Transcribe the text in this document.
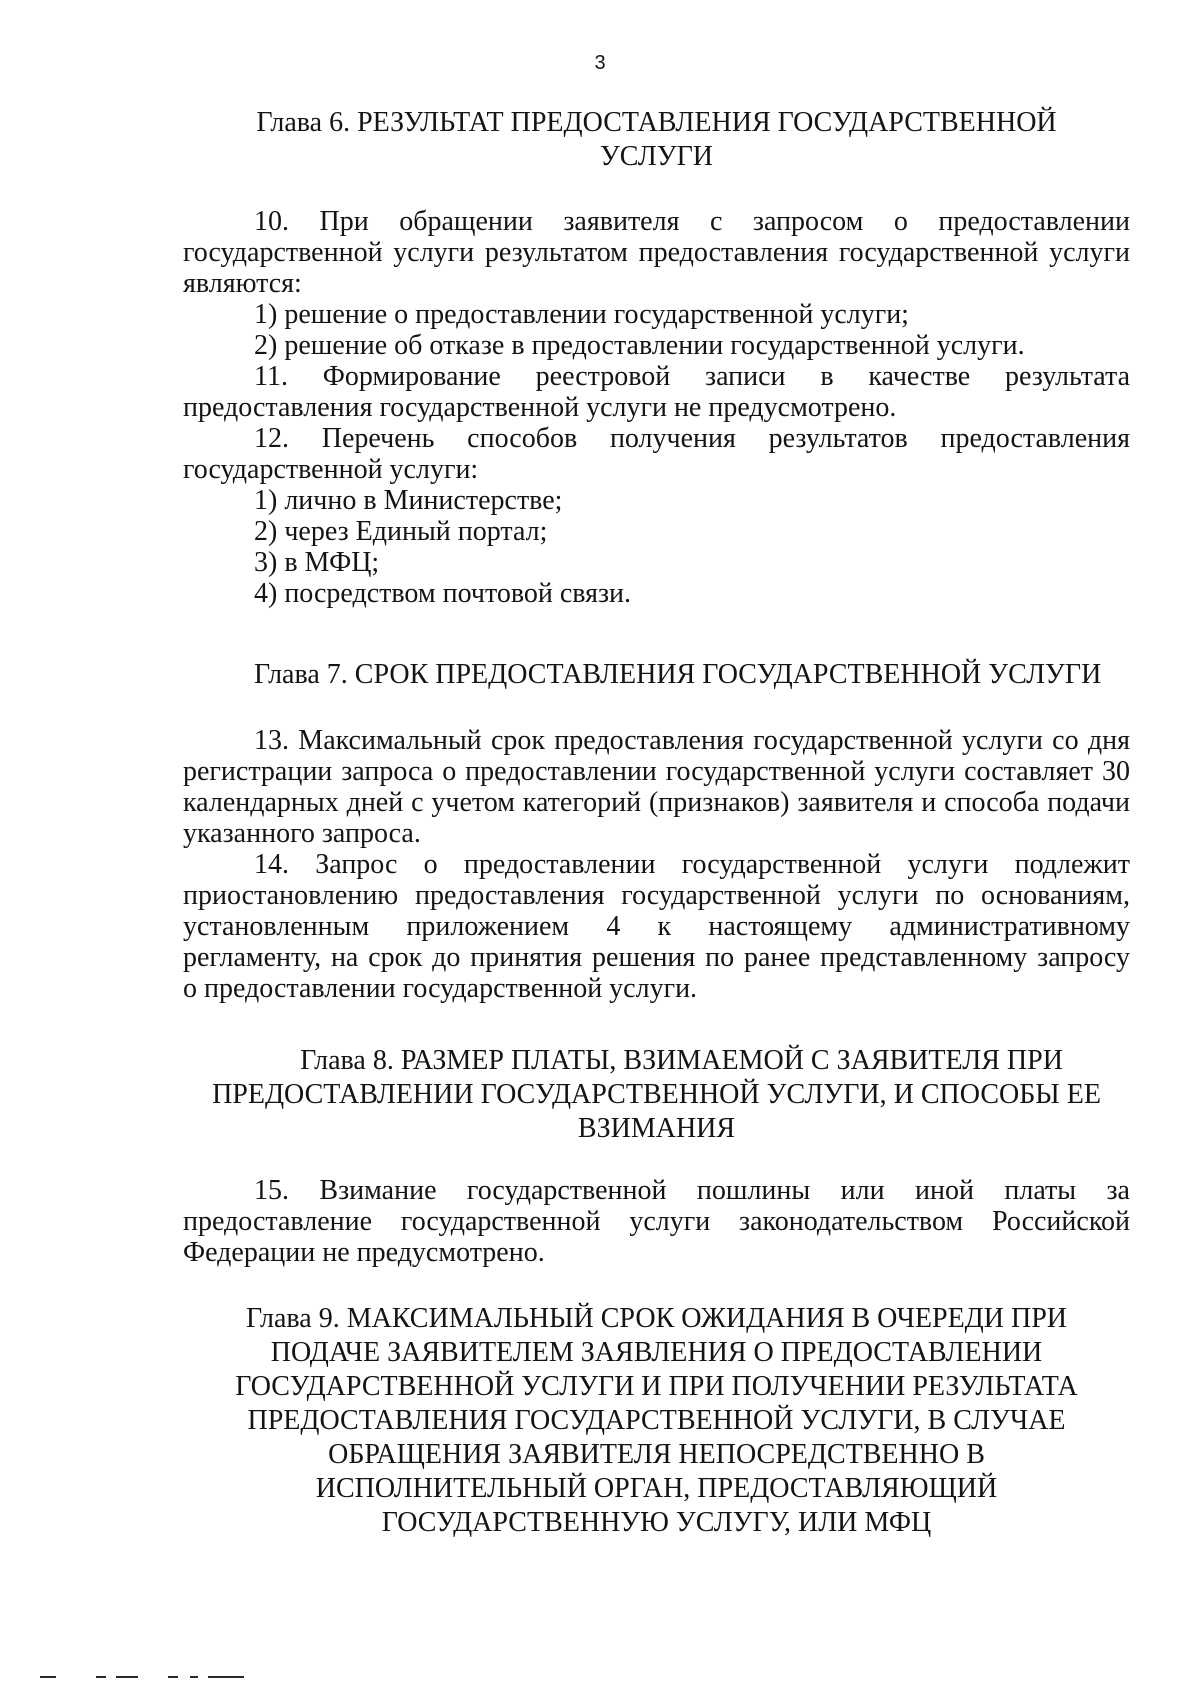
3
Глава 6. РЕЗУЛЬТАТ ПРЕДОСТАВЛЕНИЯ ГОСУДАРСТВЕННОЙ
УСЛУГИ
10. При обращении заявителя с запросом о предоставлении
государственной услуги результатом предоставления государственной услуги
являются:
1) решение о предоставлении государственной услуги;
2) решение об отказе в предоставлении государственной услуги.
11. Формирование реестровой записи в качестве результата
предоставления государственной услуги не предусмотрено.
12. Перечень способов получения результатов предоставления
государственной услуги:
1) лично в Министерстве;
2) через Единый портал;
3) в МФЦ;
4) посредством почтовой связи.
Глава 7. СРОК ПРЕДОСТАВЛЕНИЯ ГОСУДАРСТВЕННОЙ УСЛУГИ
13. Максимальный срок предоставления государственной услуги со дня
регистрации запроса о предоставлении государственной услуги составляет 30
календарных дней с учетом категорий (признаков) заявителя и способа подачи
указанного запроса.
14. Запрос о предоставлении государственной услуги подлежит
приостановлению предоставления государственной услуги по основаниям,
установленным приложением 4 к настоящему административному
регламенту, на срок до принятия решения по ранее представленному запросу
о предоставлении государственной услуги.
Глава 8. РАЗМЕР ПЛАТЫ, ВЗИМАЕМОЙ С ЗАЯВИТЕЛЯ ПРИ
ПРЕДОСТАВЛЕНИИ ГОСУДАРСТВЕННОЙ УСЛУГИ, И СПОСОБЫ ЕЕ
ВЗИМАНИЯ
15. Взимание государственной пошлины или иной платы за
предоставление государственной услуги законодательством Российской
Федерации не предусмотрено.
Глава 9. МАКСИМАЛЬНЫЙ СРОК ОЖИДАНИЯ В ОЧЕРЕДИ ПРИ
ПОДАЧЕ ЗАЯВИТЕЛЕМ ЗАЯВЛЕНИЯ О ПРЕДОСТАВЛЕНИИ
ГОСУДАРСТВЕННОЙ УСЛУГИ И ПРИ ПОЛУЧЕНИИ РЕЗУЛЬТАТА
ПРЕДОСТАВЛЕНИЯ ГОСУДАРСТВЕННОЙ УСЛУГИ, В СЛУЧАЕ
ОБРАЩЕНИЯ ЗАЯВИТЕЛЯ НЕПОСРЕДСТВЕННО В
ИСПОЛНИТЕЛЬНЫЙ ОРГАН, ПРЕДОСТАВЛЯЮЩИЙ
ГОСУДАРСТВЕННУЮ УСЛУГУ, ИЛИ МФЦ
